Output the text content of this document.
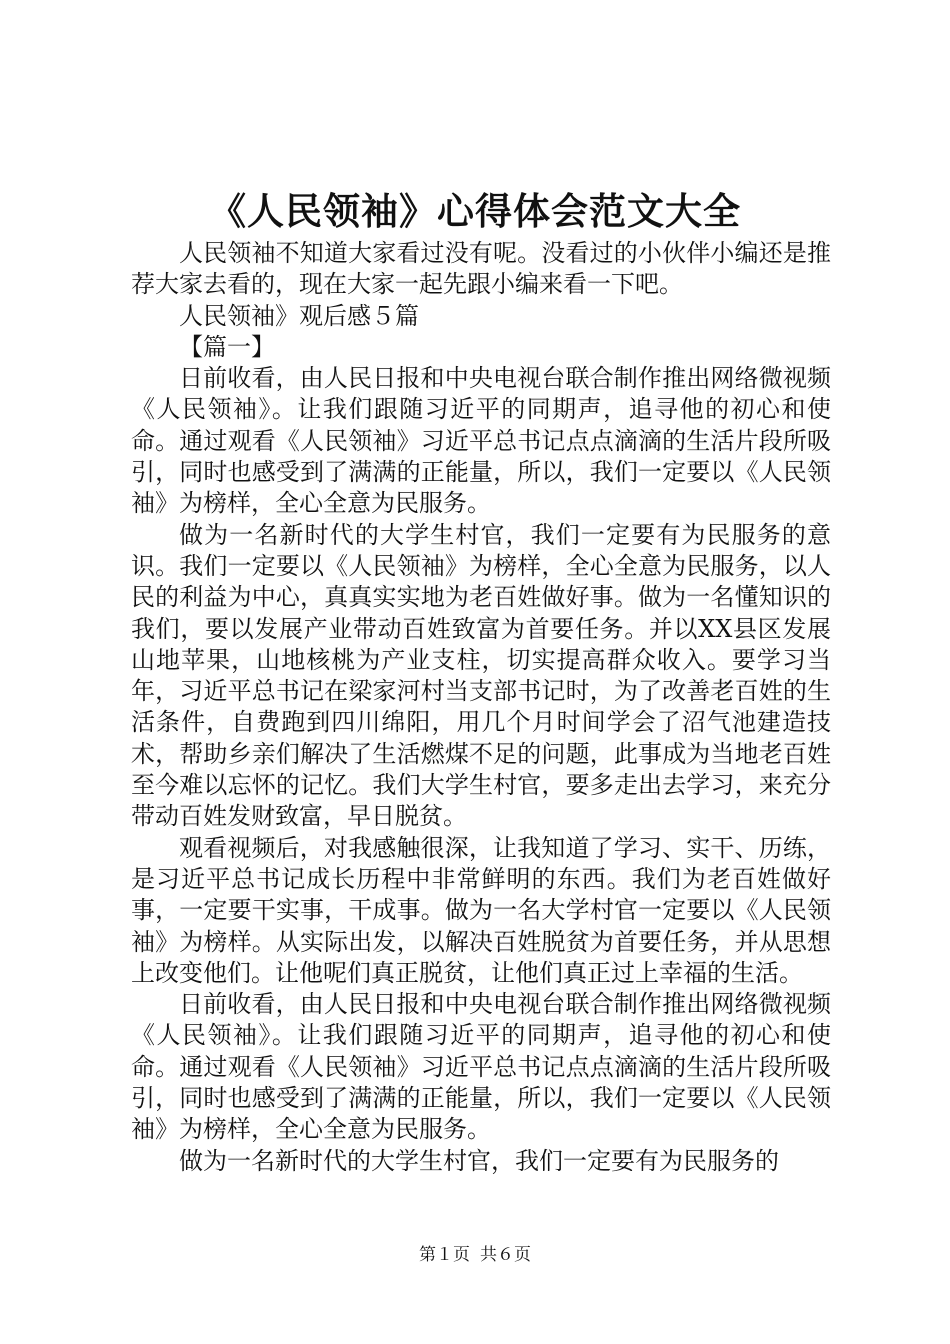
《人民领袖》心得体会范文大全

人民领袖不知道大家看过没有呢。没看过的小伙伴小编还是推荐大家去看的，现在大家一起先跟小编来看一下吧。

人民领袖》观后感５篇

【篇一】

日前收看，由人民日报和中央电视台联合制作推出网络微视频《人民领袖》。让我们跟随习近平的同期声，追寻他的初心和使命。通过观看《人民领袖》习近平总书记点点滴滴的生活片段所吸引，同时也感受到了满满的正能量，所以，我们一定要以《人民领袖》为榜样，全心全意为民服务。

做为一名新时代的大学生村官，我们一定要有为民服务的意识。我们一定要以《人民领袖》为榜样，全心全意为民服务，以人民的利益为中心，真真实实地为老百姓做好事。做为一名懂知识的我们，要以发展产业带动百姓致富为首要任务。并以XX县区发展山地苹果，山地核桃为产业支柱，切实提高群众收入。要学习当年，习近平总书记在梁家河村当支部书记时，为了改善老百姓的生活条件，自费跑到四川绵阳，用几个月时间学会了沼气池建造技术，帮助乡亲们解决了生活燃煤不足的问题，此事成为当地老百姓至今难以忘怀的记忆。我们大学生村官，要多走出去学习，来充分带动百姓发财致富，早日脱贫。

观看视频后，对我感触很深，让我知道了学习、实干、历练，是习近平总书记成长历程中非常鲜明的东西。我们为老百姓做好事，一定要干实事，干成事。做为一名大学村官一定要以《人民领袖》为榜样。从实际出发，以解决百姓脱贫为首要任务，并从思想上改变他们。让他呢们真正脱贫，让他们真正过上幸福的生活。

日前收看，由人民日报和中央电视台联合制作推出网络微视频《人民领袖》。让我们跟随习近平的同期声，追寻他的初心和使命。通过观看《人民领袖》习近平总书记点点滴滴的生活片段所吸引，同时也感受到了满满的正能量，所以，我们一定要以《人民领袖》为榜样，全心全意为民服务。

做为一名新时代的大学生村官，我们一定要有为民服务的

第１页 共６页
